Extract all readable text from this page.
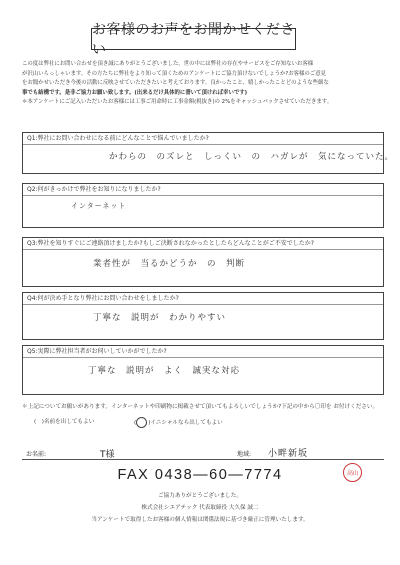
お客様のお声をお聞かせください

この度は弊社にお問い合わせを頂き誠にありがとうございました。世の中には弊社の存在やサービスをご存知ないお客様

が沢山いらっしゃいます。その方たちに弊社をより知って頂くためのアンケートにご協力頂けないでしょうか?お客様のご意見

をお聞かせいただき今後の活動に反映させていただきたいと考えております。良かったこと、嬉しかったことどのような些細な

事でも結構です。是非ご協力お願い致します。(出来るだけ具体的に書いて頂ければ幸いです)

＊本アンケートにご記入いただいたお客様には工事ご用命時に工事金額(税抜き)の 2%をキャッシュバックさせていただきます。

Q1:弊社にお問い合わせになる前にどんなことで悩んでいましたか?
かわらの　のズレと　しっくい　の　ハガレが　気になっていた。
Q2:何がきっかけで弊社をお知りになりましたか?
インターネット
Q3:弊社を知りすぐにご連絡頂けましたか?もしご決断されなかったとしたらどんなことがご不安でしたか?
業者性が　当るかどうか　の　判断
Q4:何が決め手となり弊社にお問い合わせをしましたか?
丁寧な　説明が　わかりやすい
Q5:実際に弊社担当者がお伺いしていかがでしたか?
丁寧な　説明が　よく　誠実な対応
＊上記についてお願いがあります。インターネットや印刷物に掲載させて頂いてもよろしいでしょうか?下記の中から〇印を お付けください。
(　)名前を出してもよい	( )イニシャルなら出してもよい
お名前:	T様	地域: 小畔新坂
FAX 0438―60―7774	高山
ご協力ありがとうございました。
株式会社シエアテック 代表取締役 大久保 誠二
当アンケートで取得したお客様の個人情報は関係法規に基づき厳正に管理いたします。
